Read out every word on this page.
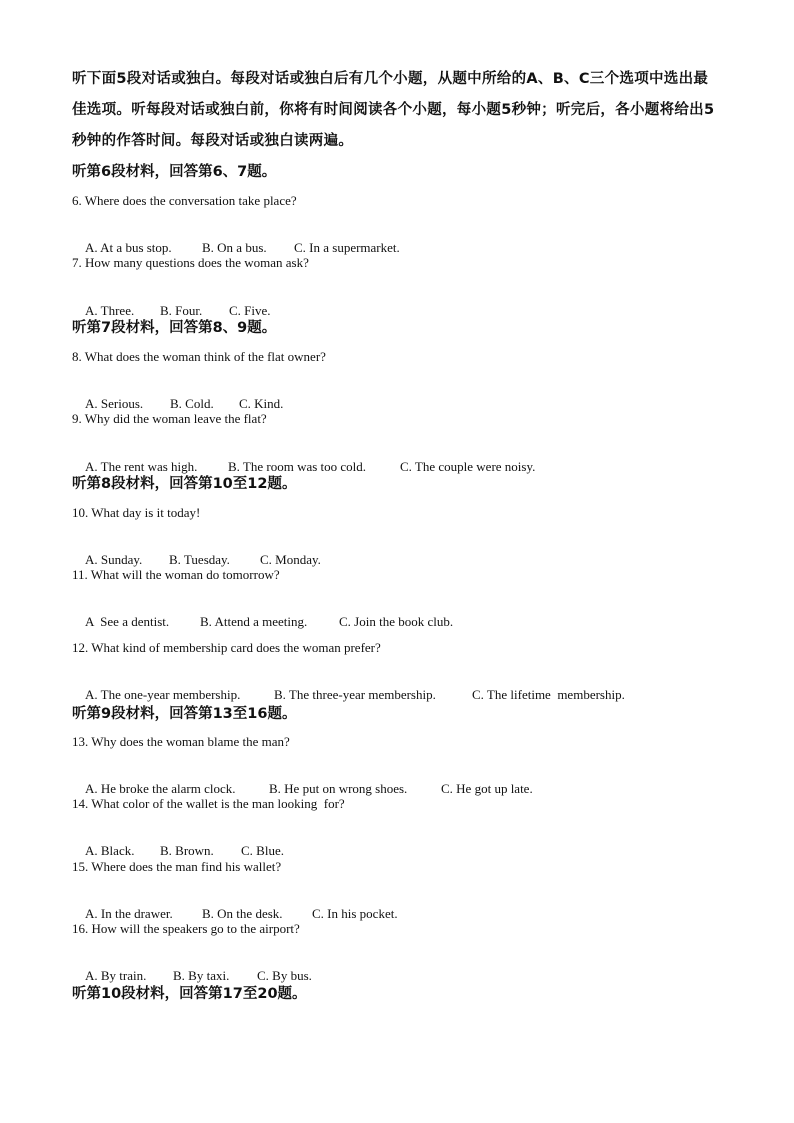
听下面5段对话或独白。每段对话或独白后有几个小题，从题中所给的A、B、C三个选项中选出最佳选项。听每段对话或独白前，你将有时间阅读各个小题，每小题5秒钟；听完后，各小题将给出5秒钟的作答时间。每段对话或独白读两遍。
听第6段材料，回答第6、7题。
6. Where does the conversation take place?

A. At a bus stop. B. On a bus. C. In a supermarket.

7. How many questions does the woman ask?

A. Three. B. Four. C. Five.

听第7段材料，回答第8、9题。
8. What does the woman think of the flat owner?

A. Serious. B. Cold. C. Kind.

9. Why did the woman leave the flat?

A. The rent was high. B. The room was too cold.	C. The couple were noisy.

听第8段材料，回答第10至12题。
10. What day is it today!

A. Sunday. B. Tuesday. C. Monday.

11. What will the woman do tomorrow?

A  See a dentist. B. Attend a meeting. C. Join the book club.

12. What kind of membership card does the woman prefer?

A. The one-year membership.	B. The three-year membership.	C. The lifetime  membership.

听第9段材料，回答第13至16题。
13. Why does the woman blame the man?

A. He broke the alarm clock.	B. He put on wrong shoes.	C. He got up late.

14. What color of the wallet is the man looking  for?

A. Black. B. Brown. C. Blue.

15. Where does the man find his wallet?

A. In the drawer. B. On the desk. C. In his pocket.

16. How will the speakers go to the airport?

A. By train. B. By taxi. C. By bus.

听第10段材料，回答第17至20题。
